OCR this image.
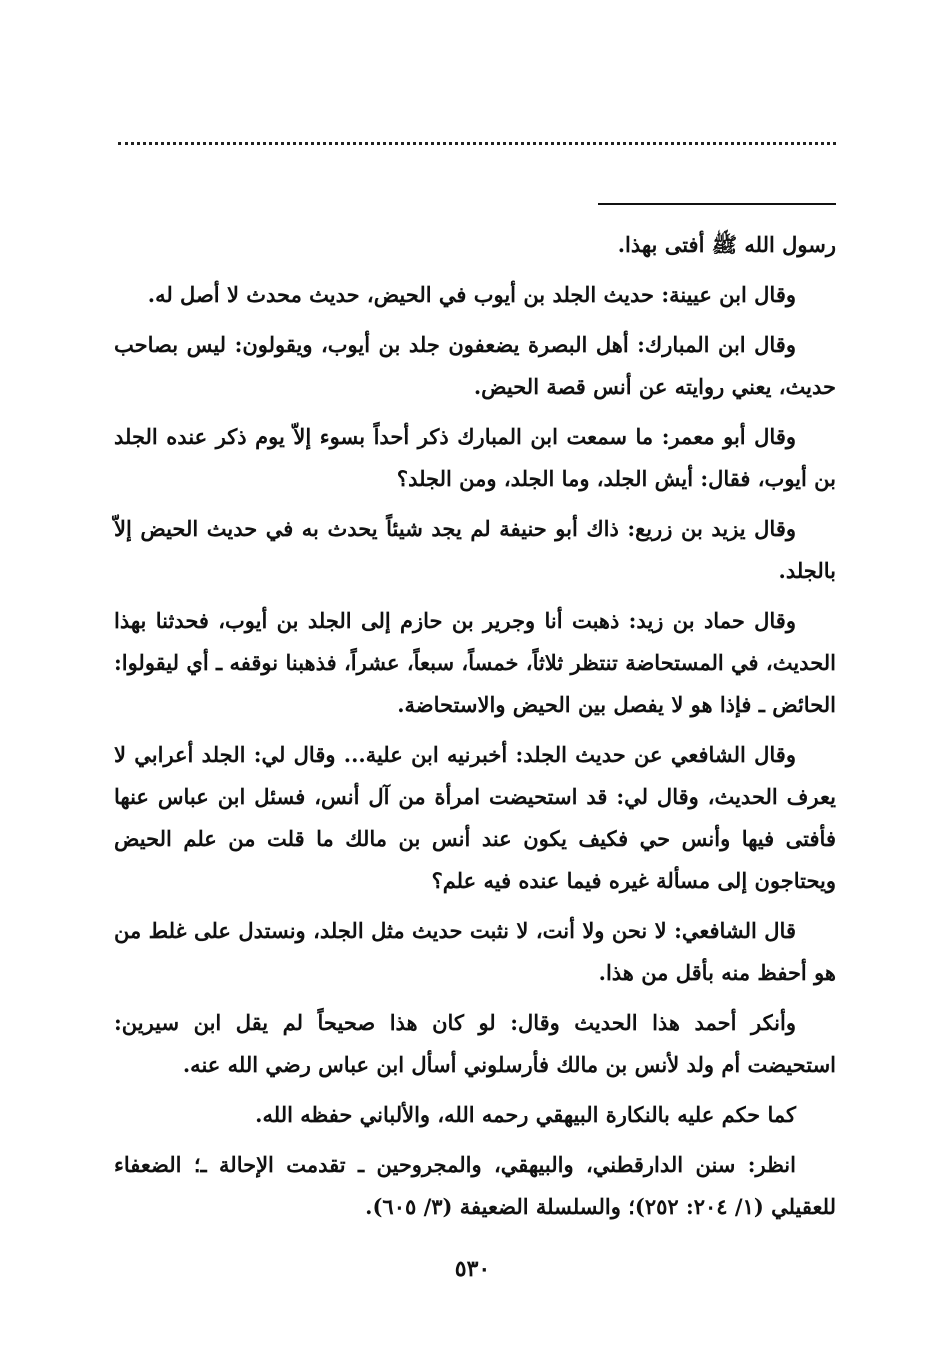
رسول الله ﷺ أفتى بهذا.

وقال ابن عيينة: حديث الجلد بن أيوب في الحيض، حديث محدث لا أصل له.

وقال ابن المبارك: أهل البصرة يضعفون جلد بن أيوب، ويقولون: ليس بصاحب حديث، يعني روايته عن أنس قصة الحيض.

وقال أبو معمر: ما سمعت ابن المبارك ذكر أحداً بسوء إلاّ يوم ذكر عنده الجلد بن أيوب، فقال: أيش الجلد، وما الجلد، ومن الجلد؟

وقال يزيد بن زريع: ذاك أبو حنيفة لم يجد شيئاً يحدث به في حديث الحيض إلاّ بالجلد.

وقال حماد بن زيد: ذهبت أنا وجرير بن حازم إلى الجلد بن أيوب، فحدثنا بهذا الحديث، في المستحاضة تنتظر ثلاثاً، خمساً، سبعاً، عشراً، فذهبنا نوقفه ـ أي ليقولوا: الحائض ـ فإذا هو لا يفصل بين الحيض والاستحاضة.

وقال الشافعي عن حديث الجلد: أخبرنيه ابن علية... وقال لي: الجلد أعرابي لا يعرف الحديث، وقال لي: قد استحيضت امرأة من آل أنس، فسئل ابن عباس عنها فأفتى فيها وأنس حي فكيف يكون عند أنس بن مالك ما قلت من علم الحيض ويحتاجون إلى مسألة غيره فيما عنده فيه علم؟

قال الشافعي: لا نحن ولا أنت، لا نثبت حديث مثل الجلد، ونستدل على غلط من هو أحفظ منه بأقل من هذا.

وأنكر أحمد هذا الحديث وقال: لو كان هذا صحيحاً لم يقل ابن سيرين: استحيضت أم ولد لأنس بن مالك فأرسلوني أسأل ابن عباس رضي الله عنه.

كما حكم عليه بالنكارة البيهقي رحمه الله، والألباني حفظه الله.

انظر: سنن الدارقطني، والبيهقي، والمجروحين ـ تقدمت الإحالة ـ؛ الضعفاء للعقيلي (١/ ٢٠٤: ٢٥٢)؛ والسلسلة الضعيفة (٣/ ٦٠٥).

٥٣٠
